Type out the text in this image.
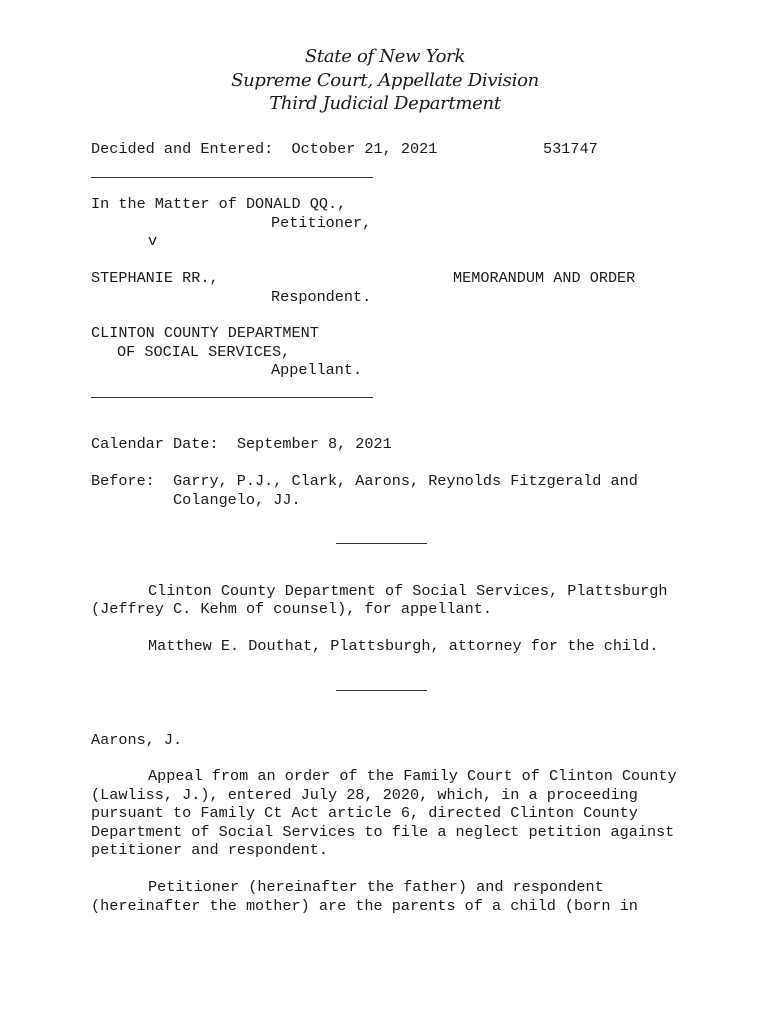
State of New York
Supreme Court, Appellate Division
Third Judicial Department
Decided and Entered:  October 21, 2021	531747
In the Matter of DONALD QQ.,
Petitioner,
v
STEPHANIE RR.,	MEMORANDUM AND ORDER
Respondent.
CLINTON COUNTY DEPARTMENT
OF SOCIAL SERVICES,
Appellant.
Calendar Date:  September 8, 2021
Before: Garry, P.J., Clark, Aarons, Reynolds Fitzgerald and
Colangelo, JJ.
Clinton County Department of Social Services, Plattsburgh
(Jeffrey C. Kehm of counsel), for appellant.
Matthew E. Douthat, Plattsburgh, attorney for the child.
Aarons, J.
Appeal from an order of the Family Court of Clinton County
(Lawliss, J.), entered July 28, 2020, which, in a proceeding
pursuant to Family Ct Act article 6, directed Clinton County
Department of Social Services to file a neglect petition against
petitioner and respondent.
Petitioner (hereinafter the father) and respondent
(hereinafter the mother) are the parents of a child (born in
